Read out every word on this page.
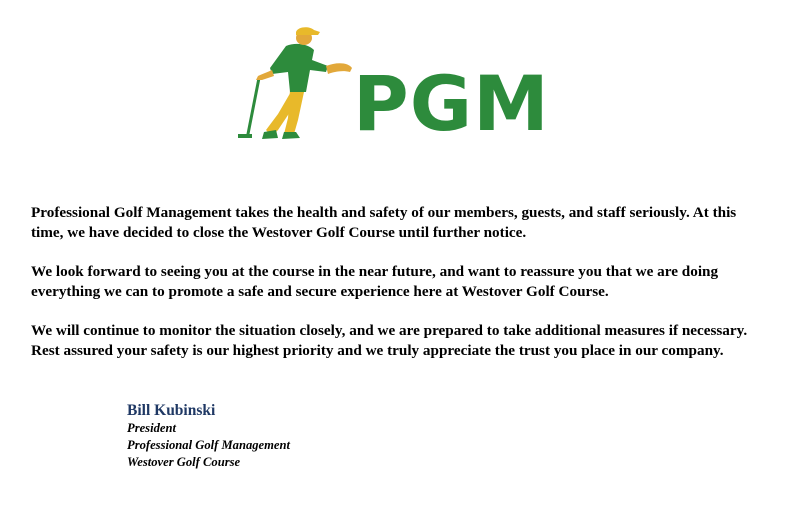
PGM

Professional Golf Management takes the health and safety of our members, guests, and staff seriously. At this time, we have decided to close the Westover Golf Course until further notice.

We look forward to seeing you at the course in the near future, and want to reassure you that we are doing everything we can to promote a safe and secure experience here at Westover Golf Course.

We will continue to monitor the situation closely, and we are prepared to take additional measures if necessary. Rest assured your safety is our highest priority and we truly appreciate the trust you place in our company.

Bill Kubinski
President
Professional Golf Management
Westover Golf Course
